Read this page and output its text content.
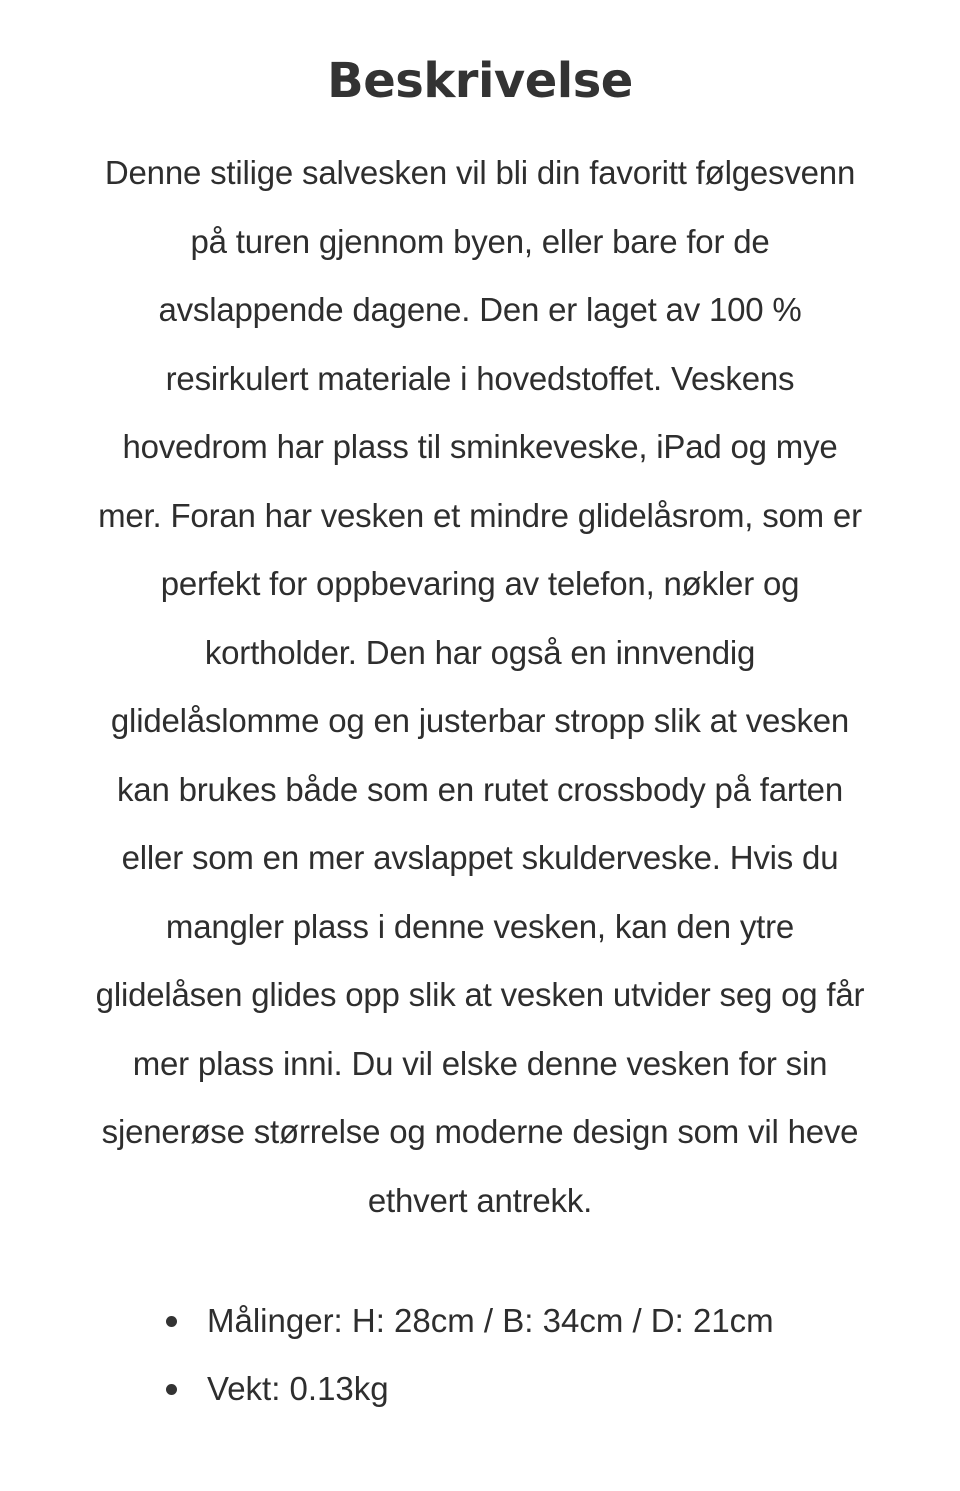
Beskrivelse

Denne stilige salvesken vil bli din favoritt følgesvenn
på turen gjennom byen, eller bare for de
avslappende dagene. Den er laget av 100 %
resirkulert materiale i hovedstoffet. Veskens
hovedrom har plass til sminkeveske, iPad og mye
mer. Foran har vesken et mindre glidelåsrom, som er
perfekt for oppbevaring av telefon, nøkler og
kortholder. Den har også en innvendig
glidelåslomme og en justerbar stropp slik at vesken
kan brukes både som en rutet crossbody på farten
eller som en mer avslappet skulderveske. Hvis du
mangler plass i denne vesken, kan den ytre
glidelåsen glides opp slik at vesken utvider seg og får
mer plass inni. Du vil elske denne vesken for sin
sjenerøse størrelse og moderne design som vil heve
ethvert antrekk.

Målinger: H: 28cm / B: 34cm / D: 21cm
Vekt: 0.13kg
